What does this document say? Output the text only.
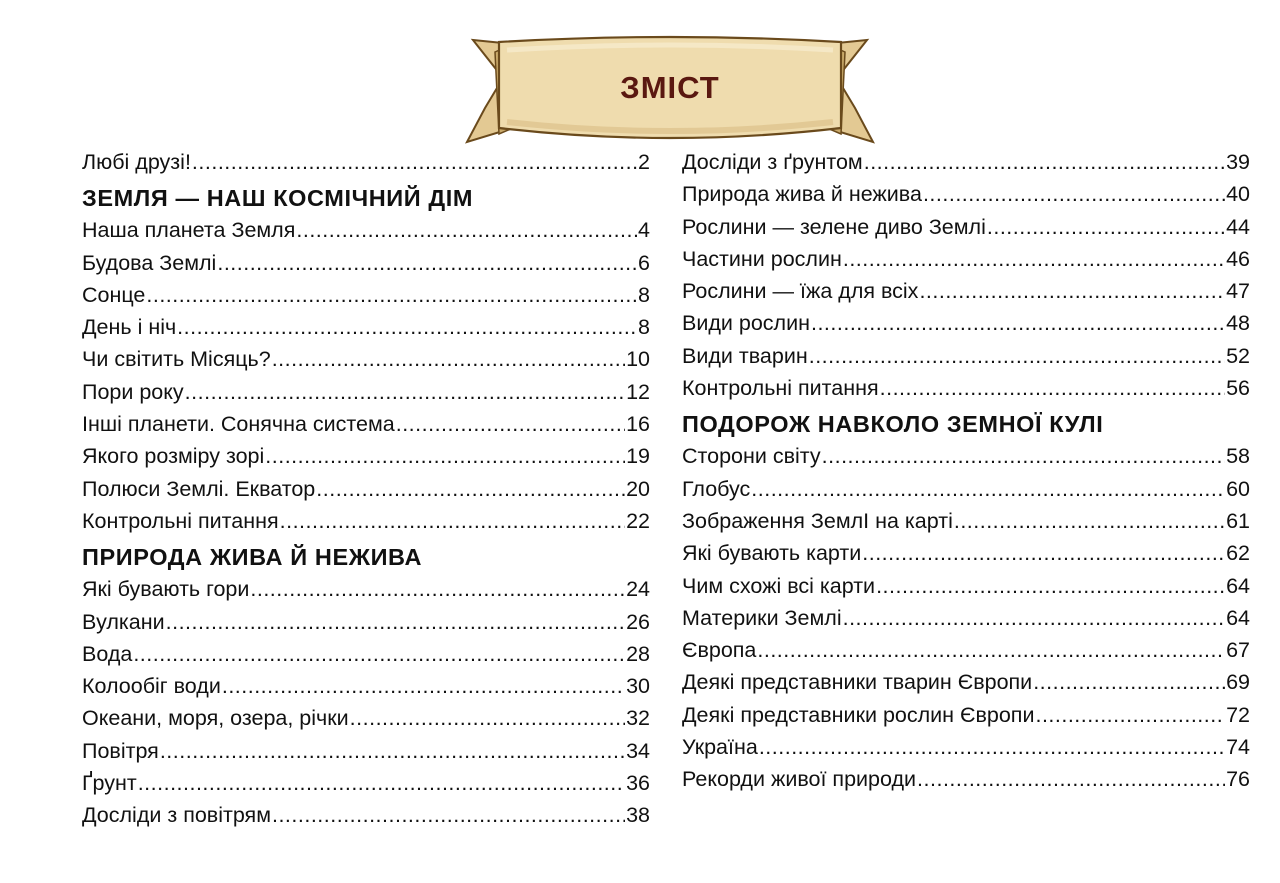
ЗМІСТ
Любі друзі! .....	2
ЗЕМЛЯ — НАШ КОСМІЧНИЙ ДІМ
Наша планета Земля .....	4
Будова Землі .....	6
Сонце .....	8
День і ніч .....	8
Чи світить Місяць? .....	10
Пори року .....	12
Інші планети. Сонячна система .....	16
Якого розміру зорі .....	19
Полюси Землі. Екватор .....	20
Контрольні питання .....	22
ПРИРОДА ЖИВА Й НЕЖИВА
Які бувають гори .....	24
Вулкани .....	26
Вода .....	28
Колообіг води .....	30
Океани, моря, озера, річки .....	32
Повітря .....	34
Ґрунт .....	36
Досліди з повітрям .....	38
Досліди з ґрунтом .....	39
Природа жива й нежива .....	40
Рослини — зелене диво Землі .....	44
Частини рослин .....	46
Рослини — їжа для всіх .....	47
Види рослин .....	48
Види тварин .....	52
Контрольні питання .....	56
ПОДОРОЖ НАВКОЛО ЗЕМНОЇ КУЛІ
Сторони світу .....	58
Глобус .....	60
Зображення ЗемлІ на карті .....	61
Які бувають карти .....	62
Чим схожі всі карти .....	64
Материки Землі .....	64
Європа .....	67
Деякі представники тварин Європи .....	69
Деякі представники рослин Європи .....	72
Україна .....	74
Рекорди живої природи .....	76
